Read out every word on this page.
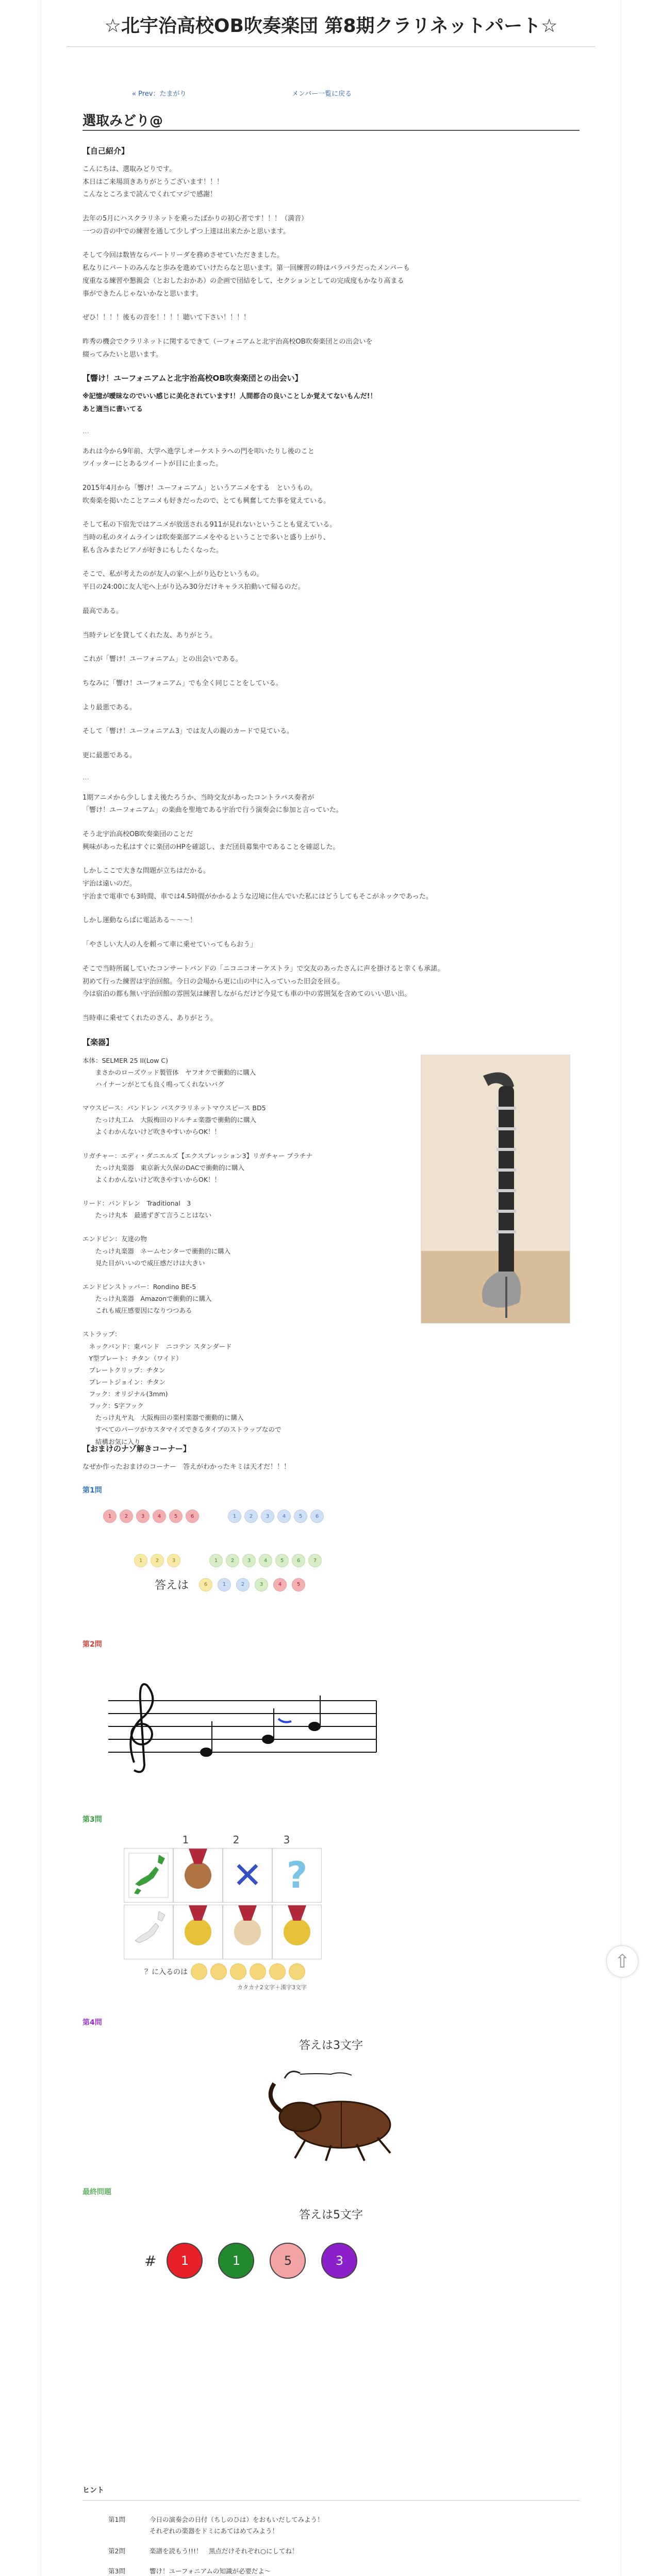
☆北宇治高校OB吹奏楽団 第8期クラリネットパート☆
« Prev：たまがり	メンバー一覧に戻る
選取みどり@
【自己紹介】
こんにちは、選取みどりです。
本日はご来場頂きありがとうございます！！！
こんなところまで読んでくれてマジで感謝！
去年の5月にハスクラリネットを乗ったばかりの初心者です！！！（満音）
一つの音の中での練習を通して少しずつ上達は出来たかと思います。
そして今回は数皆ならバートリーダを務めさせていただきました。
私なりにバートのみんなと歩みを進めていけたらなと思います。第一回練習の時はバラバラだったメンバーも
度重なる練習や懇親会（とおしたおかあ）の企画で団結をして、セクションとしての完成度もかなり高まる
事ができたんじゃないかなと思います。
ぜひ！！！！後もの音を！！！！聴いて下さい！！！！
昨秀の機会でクラリネットに関するできて（ーフォニアムと北宇治高校OB吹奏楽団との出会いを
綴ってみたいと思います。
【響け！ユーフォニアムと北宇治高校OB吹奏楽団との出会い】
※記憶が曖昧なのでいい感じに美化されています!！人間都合の良いことしか覚えてないもんだ!！
あと適当に書いてる
…
あれは今から9年前、大学へ進学しオーケストラへの門を叩いたりし後のこと
ツイッターにとあるツイートが目に止まった。
2015年4月から「響け！ユーフォニアム」というアニメをする　というもの。
吹奏楽を掲いたことアニメも好きだったので、とても興奮してた事を覚えている。
そして私の下宿先ではアニメが放送される911が見れないということも覚えている。
当時の私のタイムラインは吹奏楽部アニメをやるということで多いと盛り上がり、
私も含みまたピアノが好きにもしたくなった。
そこで、私が考えたのが友人の家へ上がり込むというもの。
平日の24:00に友人宅へ上がり込み30分だけキャラス拍動いて帰るのだ。
最高である。
当時テレビを貸してくれた友、ありがとう。
これが「響け！ユーフォニアム」との出会いである。
ちなみに「響け！ユーフォニアム」でも全く同じことをしている。
より最悪である。
そして「響け！ユーフォニアム3」では友人の親のカードで見ている。
更に最悪である。
…
1期アニメから少ししまえ後たろうか、当時交友があったコントラバス奏者が
「響け！ユーフォニアム」の楽曲を聖地である宇治で行う演奏会に参加と言っていた。
そう北宇治高校OB吹奏楽団のことだ
興味があった私はすぐに楽団のHPを確認し、まだ団員募集中であることを確認した。
しかしここで大きな問題が立ちはだかる。
宇治は遠いのだ。
宇治まで電車でも3時間、車では4.5時間がかかるような辺境に住んでいた私にはどうしてもそこがネックであった。
しかし運動ならばに電話ある～～～！
「やさしい大人の人を頼って車に乗せていってもらおう」
そこで当時所属していたコンサートバンドの「ニコニコオーケストラ」で交友のあったさんに声を掛けると幸くも承諾。
初めて行った練習は宇治回館。今日の会場から更に山の中に入っていった旧会を回る。
今は宿泊の都も無い宇治回館の雰囲気は練習しながらだけど今見ても車の中の雰囲気を含めてのいい思い出。
当時車に乗せてくれたのさん、ありがとう。
【楽器】
本体：SELMER 25 II(Low C)
　　まさかのローズウッド製管体　ヤフオクで衝動的に購入
　　ハイナーンがとても良く鳴ってくれないバグ

マウスピース：バンドレン バスクラリネットマウスピース BD5
　　たっけ丸工ム　大阪梅田のドルチェ楽器で衝動的に購入
　　よくわかんないけど吹きやすいからOK！！

リガチャー：エディ・ダニエルズ【エクスプレッション3】リガチャー プラチナ
　　たっけ丸楽器　東京新大久保のDACで衝動的に購入
　　よくわかんないけど吹きやすいからOK！！

リード：バンドレン　Traditional　3
　　たっけ丸本　最通ずぎて言うことはない

エンドピン：友達の物
　　たっけ丸楽器　ネームセンターで衝動的に購入
　　見た目がいいので威圧感だけは大きい

エンドピンストッパー：Rondino BE-5
　　たっけ丸楽器　Amazonで衝動的に購入
　　これも威圧感要因になりつつある

ストラップ：
　ネックバンド：東バンド　ニコテン スタンダード
　Y型プレート：チタン（ワイド）
　プレートクリップ：チタン
　プレートジョイン：チタン
　フック：オリジナル(3mm)
　フック：S字フック
　　たっけ丸ヤ丸　大阪梅田の楽村楽器で衝動的に購入
　　すべてのパーツがカスタマイズできるタイプのストラップなので
　　結構お気に入り
【おまけのナゾ解きコーナー】
なぜか作ったおまけのコーナー　答えがわかったキミは天才だ！！！
第1問
1	2	3	4	5	6	1	2	3	4	5	6
1	2	3	1	2	3	4	5	6	7
答えは	6	1	2	3	4	5
第2問
第3問
1	2	3
✕ ?
？に入るのは
カタカナ2文字＋漢字3文字
第4問
答えは3文字
最終問題
答えは5文字
#	1	1	5	3
ヒント
第1問	今日の演奏会の日付（ちしのひは）をおもいだしてみよう！
それぞれの楽器をドミにあてはめてみよう！
第2問	楽譜を読もう!!!！　黒点だけそれぞれ○にしてね！
第3問	響け！ユーフォニアムの知識が必要だよ～

⇧
